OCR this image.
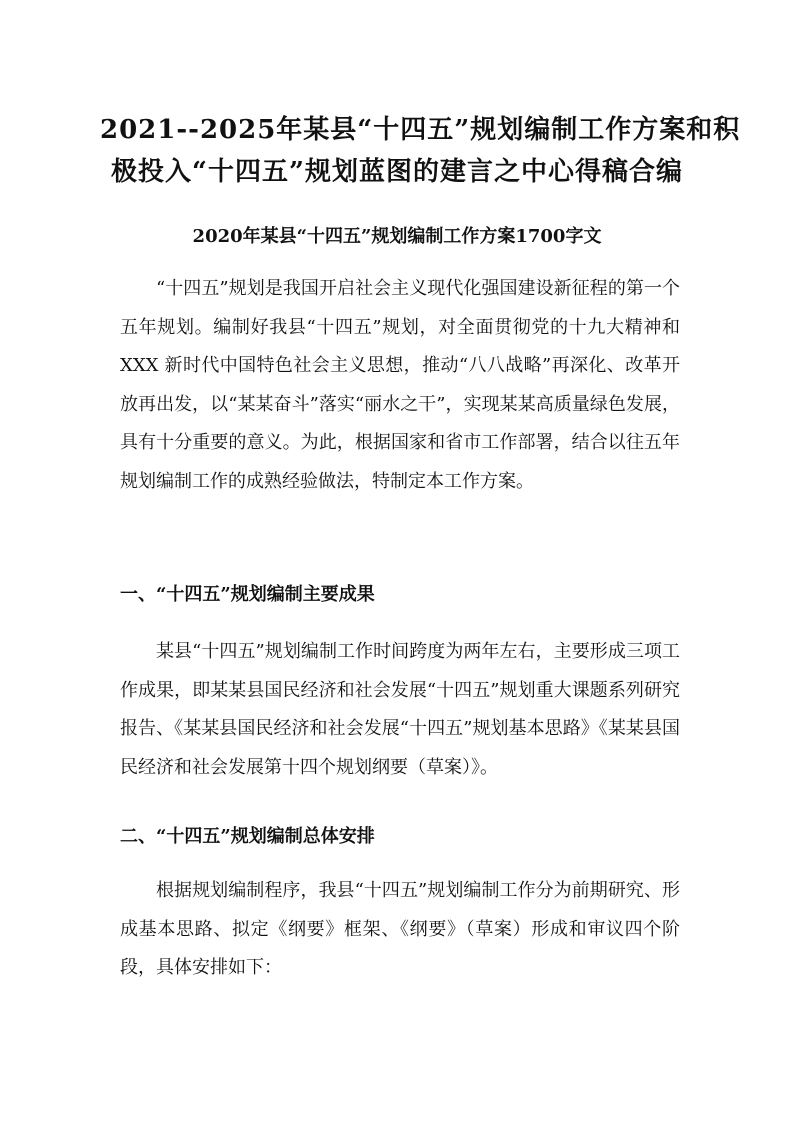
2021--2025年某县“十四五”规划编制工作方案和积
极投入“十四五”规划蓝图的建言之中心得稿合编
2020年某县“十四五”规划编制工作方案1700字文
“十四五”规划是我国开启社会主义现代化强国建设新征程的第一个五年规划。编制好我县“十四五”规划，对全面贯彻党的十九大精神和 XXX 新时代中国特色社会主义思想，推动“八八战略”再深化、改革开放再出发，以“某某奋斗”落实“丽水之干”，实现某某高质量绿色发展，具有十分重要的意义。为此，根据国家和省市工作部署，结合以往五年规划编制工作的成熟经验做法，特制定本工作方案。
一、“十四五”规划编制主要成果
某县“十四五”规划编制工作时间跨度为两年左右，主要形成三项工作成果，即某某县国民经济和社会发展“十四五”规划重大课题系列研究报告、《某某县国民经济和社会发展“十四五”规划基本思路》《某某县国民经济和社会发展第十四个规划纲要（草案）》。
二、“十四五”规划编制总体安排
根据规划编制程序，我县“十四五”规划编制工作分为前期研究、形成基本思路、拟定《纲要》框架、《纲要》（草案）形成和审议四个阶段，具体安排如下：
